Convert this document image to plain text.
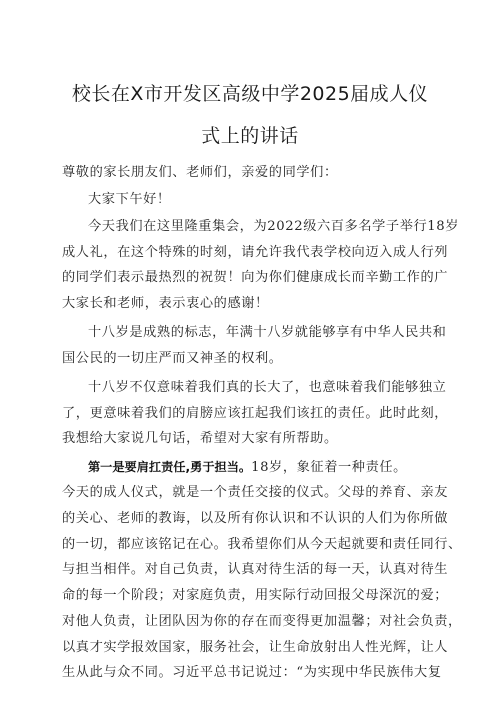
校长在X市开发区高级中学2025届成人仪
式上的讲话
尊敬的家长朋友们、老师们，亲爱的同学们：
大家下午好！
今天我们在这里隆重集会，为2022级六百多名学子举行18岁
成人礼，在这个特殊的时刻，请允许我代表学校向迈入成人行列
的同学们表示最热烈的祝贺！向为你们健康成长而辛勤工作的广
大家长和老师，表示衷心的感谢！
十八岁是成熟的标志，年满十八岁就能够享有中华人民共和
国公民的一切庄严而又神圣的权利。
十八岁不仅意味着我们真的长大了，也意味着我们能够独立
了，更意味着我们的肩膀应该扛起我们该扛的责任。此时此刻，
我想给大家说几句话，希望对大家有所帮助。
第一是要肩扛责任,勇于担当。18岁，象征着一种责任。
今天的成人仪式，就是一个责任交接的仪式。父母的养育、亲友
的关心、老师的教诲，以及所有你认识和不认识的人们为你所做
的一切，都应该铭记在心。我希望你们从今天起就要和责任同行、
与担当相伴。对自己负责，认真对待生活的每一天，认真对待生
命的每一个阶段；对家庭负责，用实际行动回报父母深沉的爱；
对他人负责，让团队因为你的存在而变得更加温馨；对社会负责，
以真才实学报效国家，服务社会，让生命放射出人性光辉，让人
生从此与众不同。习近平总书记说过：“为实现中华民族伟大复
